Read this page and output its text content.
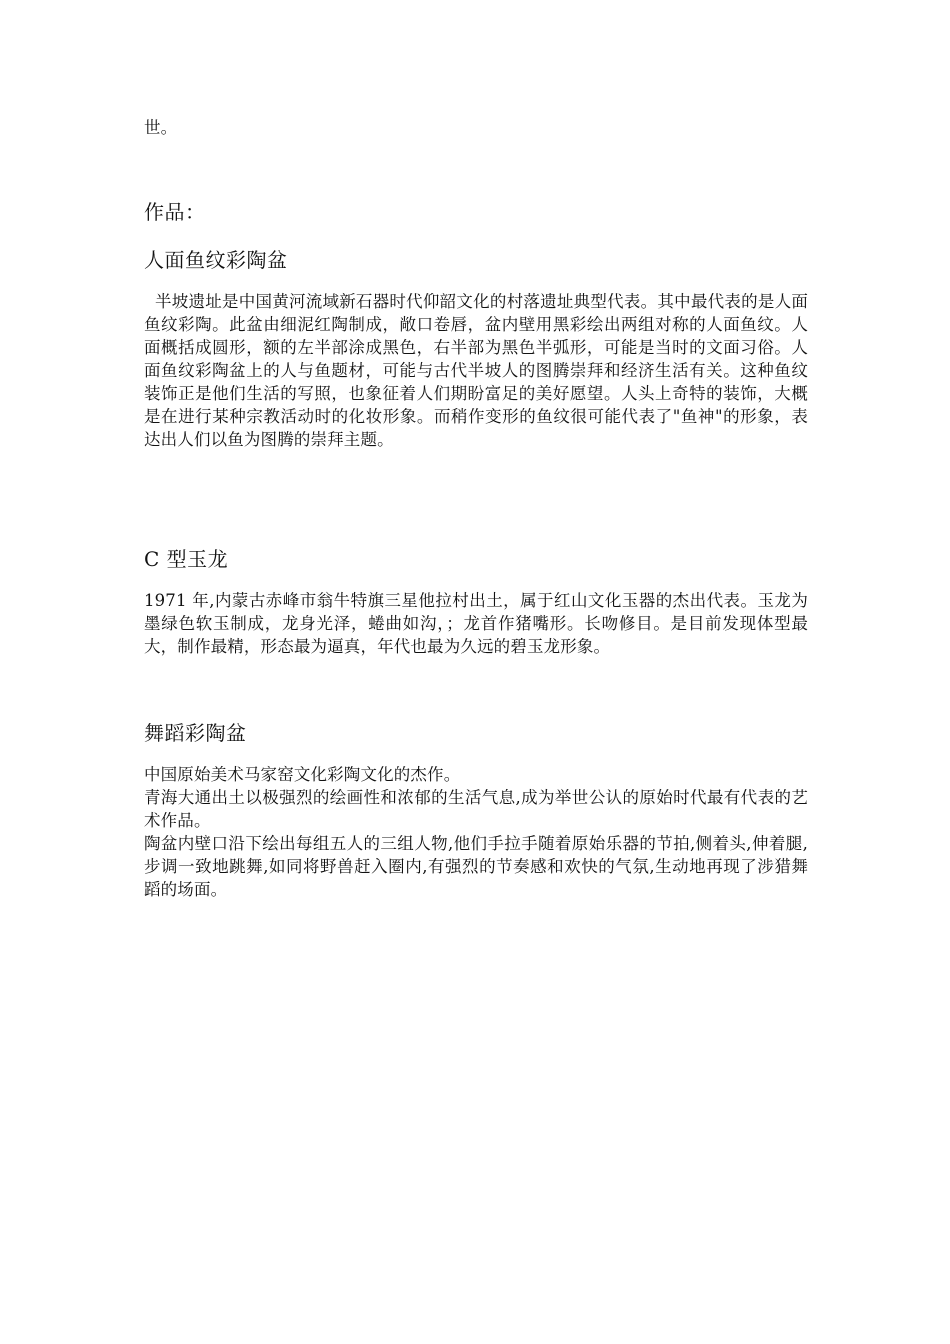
世。

作品：
人面鱼纹彩陶盆

半坡遗址是中国黄河流域新石器时代仰韶文化的村落遗址典型代表。其中最代表的是人面鱼纹彩陶。此盆由细泥红陶制成，敞口卷唇，盆内壁用黑彩绘出两组对称的人面鱼纹。人面概括成圆形，额的左半部涂成黑色，右半部为黑色半弧形，可能是当时的文面习俗。人面鱼纹彩陶盆上的人与鱼题材，可能与古代半坡人的图腾崇拜和经济生活有关。这种鱼纹装饰正是他们生活的写照，也象征着人们期盼富足的美好愿望。人头上奇特的装饰，大概是在进行某种宗教活动时的化妆形象。而稍作变形的鱼纹很可能代表了"鱼神"的形象，表达出人们以鱼为图腾的崇拜主题。

C 型玉龙

1971 年,内蒙古赤峰市翁牛特旗三星他拉村出土，属于红山文化玉器的杰出代表。玉龙为墨绿色软玉制成，龙身光泽，蜷曲如沟，；龙首作猪嘴形。长吻修目。是目前发现体型最大，制作最精，形态最为逼真，年代也最为久远的碧玉龙形象。

舞蹈彩陶盆

中国原始美术马家窑文化彩陶文化的杰作。

青海大通出土以极强烈的绘画性和浓郁的生活气息,成为举世公认的原始时代最有代表的艺术作品。

陶盆内壁口沿下绘出每组五人的三组人物,他们手拉手随着原始乐器的节拍,侧着头,伸着腿,步调一致地跳舞,如同将野兽赶入圈内,有强烈的节奏感和欢快的气氛,生动地再现了涉猎舞蹈的场面。
